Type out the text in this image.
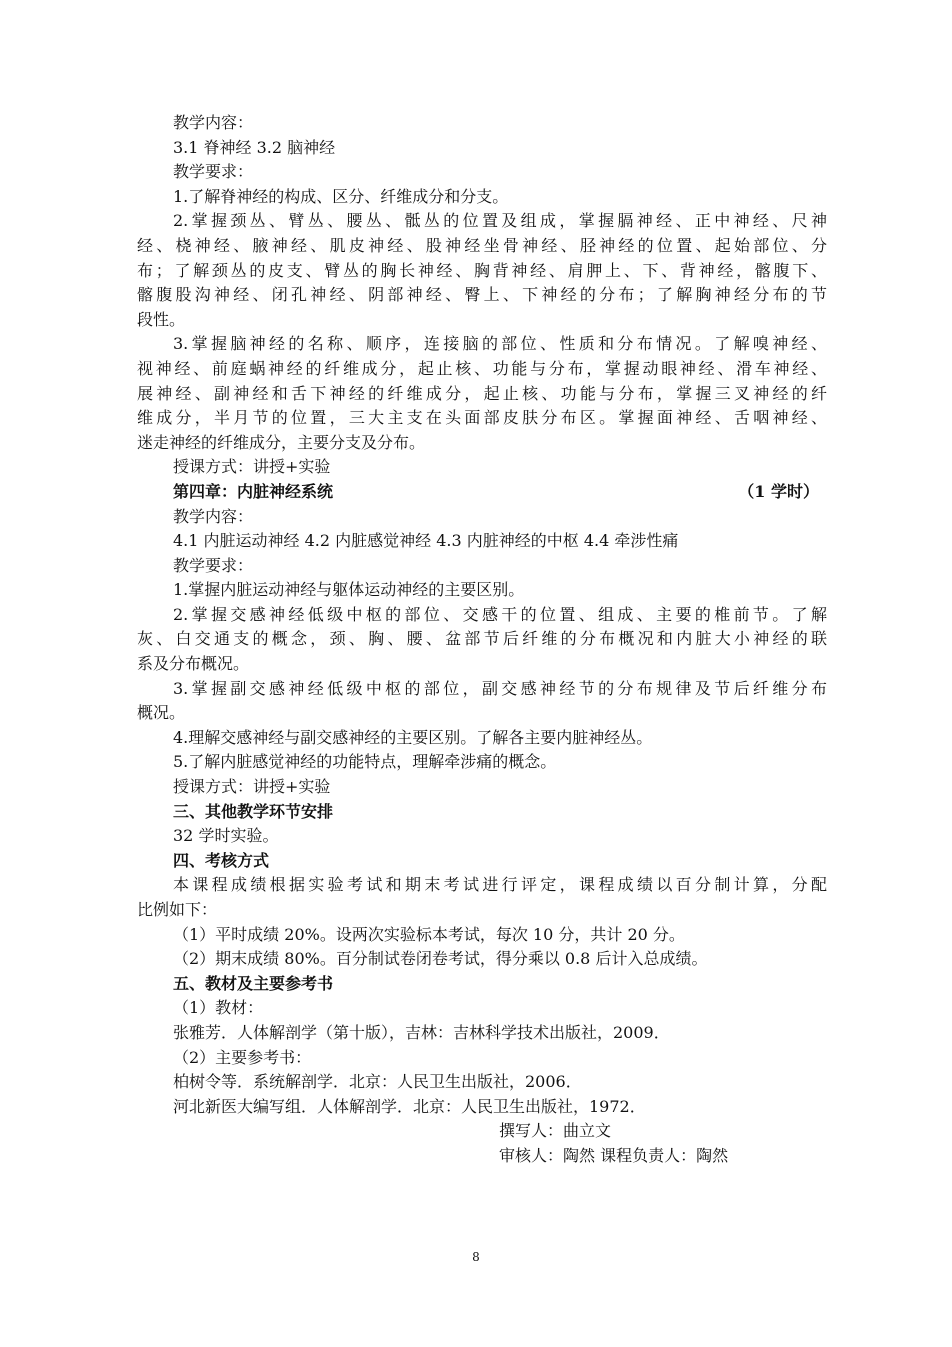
教学内容：
3.1 脊神经 3.2 脑神经
教学要求：
1.了解脊神经的构成、区分、纤维成分和分支。
2.掌握颈丛、臂丛、腰丛、骶丛的位置及组成，掌握膈神经、正中神经、尺神
经、桡神经、腋神经、肌皮神经、股神经坐骨神经、胫神经的位置、起始部位、分
布；了解颈丛的皮支、臂丛的胸长神经、胸背神经、肩胛上、下、背神经，髂腹下、
髂腹股沟神经、闭孔神经、阴部神经、臀上、下神经的分布；了解胸神经分布的节
段性。
3.掌握脑神经的名称、顺序，连接脑的部位、性质和分布情况。了解嗅神经、
视神经、前庭蜗神经的纤维成分，起止核、功能与分布，掌握动眼神经、滑车神经、
展神经、副神经和舌下神经的纤维成分，起止核、功能与分布，掌握三叉神经的纤
维成分，半月节的位置，三大主支在头面部皮肤分布区。掌握面神经、舌咽神经、
迷走神经的纤维成分，主要分支及分布。
授课方式：讲授+实验
第四章：内脏神经系统	（1 学时）
教学内容：
4.1 内脏运动神经 4.2 内脏感觉神经 4.3 内脏神经的中枢 4.4 牵涉性痛
教学要求：
1.掌握内脏运动神经与躯体运动神经的主要区别。
2.掌握交感神经低级中枢的部位、交感干的位置、组成、主要的椎前节。了解
灰、白交通支的概念，颈、胸、腰、盆部节后纤维的分布概况和内脏大小神经的联
系及分布概况。
3.掌握副交感神经低级中枢的部位，副交感神经节的分布规律及节后纤维分布
概况。
4.理解交感神经与副交感神经的主要区别。了解各主要内脏神经丛。
5.了解内脏感觉神经的功能特点，理解牵涉痛的概念。
授课方式：讲授+实验
三、其他教学环节安排
32 学时实验。
四、考核方式
本课程成绩根据实验考试和期末考试进行评定，课程成绩以百分制计算，分配
比例如下：
（1）平时成绩 20%。设两次实验标本考试，每次 10 分，共计 20 分。
（2）期末成绩 80%。百分制试卷闭卷考试，得分乘以 0.8 后计入总成绩。
五、教材及主要参考书
（1）教材：
张雅芳．人体解剖学（第十版），吉林：吉林科学技术出版社，2009．
（2）主要参考书：
柏树令等．系统解剖学．北京：人民卫生出版社，2006．
河北新医大编写组．人体解剖学．北京：人民卫生出版社，1972．
撰写人：曲立文
审核人：陶然 课程负责人：陶然
8
